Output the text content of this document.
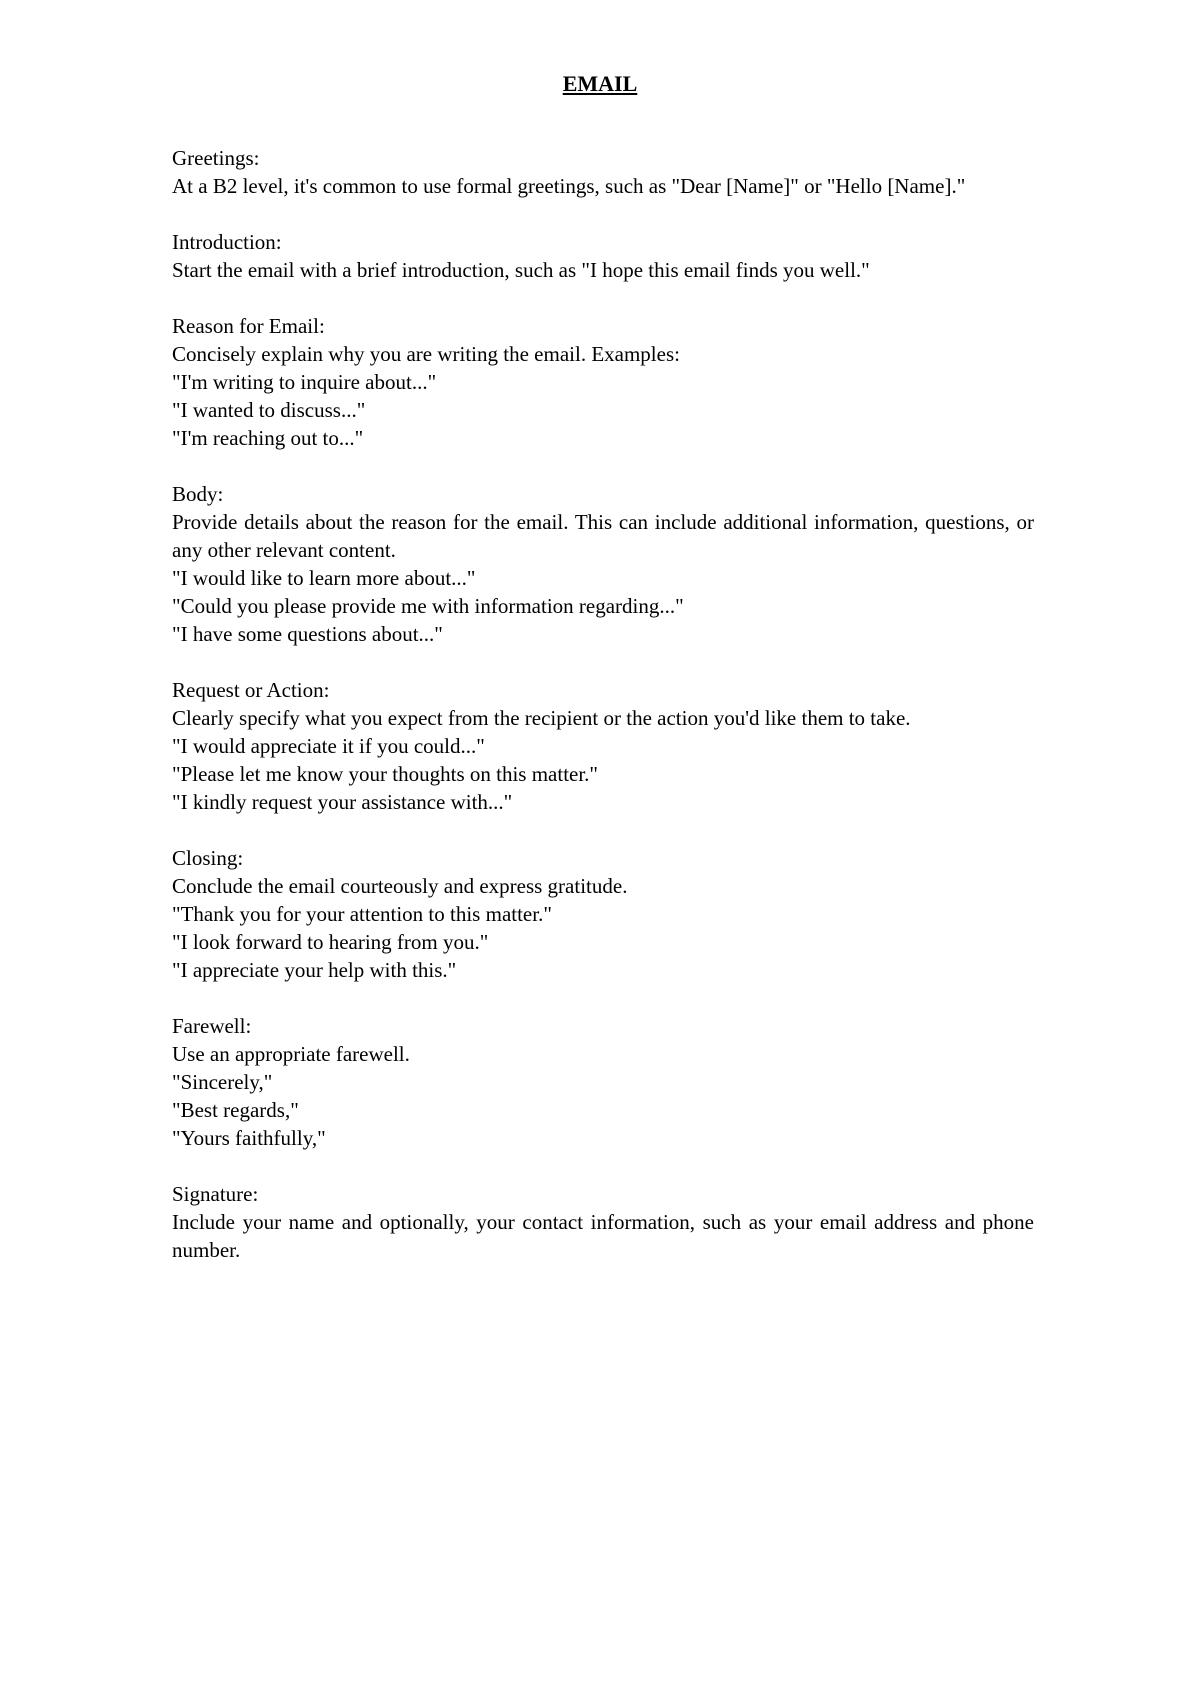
EMAIL

Greetings:

At a B2 level, it's common to use formal greetings, such as "Dear [Name]" or "Hello [Name]."

Introduction:

Start the email with a brief introduction, such as "I hope this email finds you well."

Reason for Email:

Concisely explain why you are writing the email. Examples:

"I'm writing to inquire about..."

"I wanted to discuss..."

"I'm reaching out to..."

Body:

Provide details about the reason for the email. This can include additional information, questions, or any other relevant content.

"I would like to learn more about..."

"Could you please provide me with information regarding..."

"I have some questions about..."

Request or Action:

Clearly specify what you expect from the recipient or the action you'd like them to take.

"I would appreciate it if you could..."

"Please let me know your thoughts on this matter."

"I kindly request your assistance with..."

Closing:

Conclude the email courteously and express gratitude.

"Thank you for your attention to this matter."

"I look forward to hearing from you."

"I appreciate your help with this."

Farewell:

Use an appropriate farewell.

"Sincerely,"

"Best regards,"

"Yours faithfully,"

Signature:

Include your name and optionally, your contact information, such as your email address and phone number.
